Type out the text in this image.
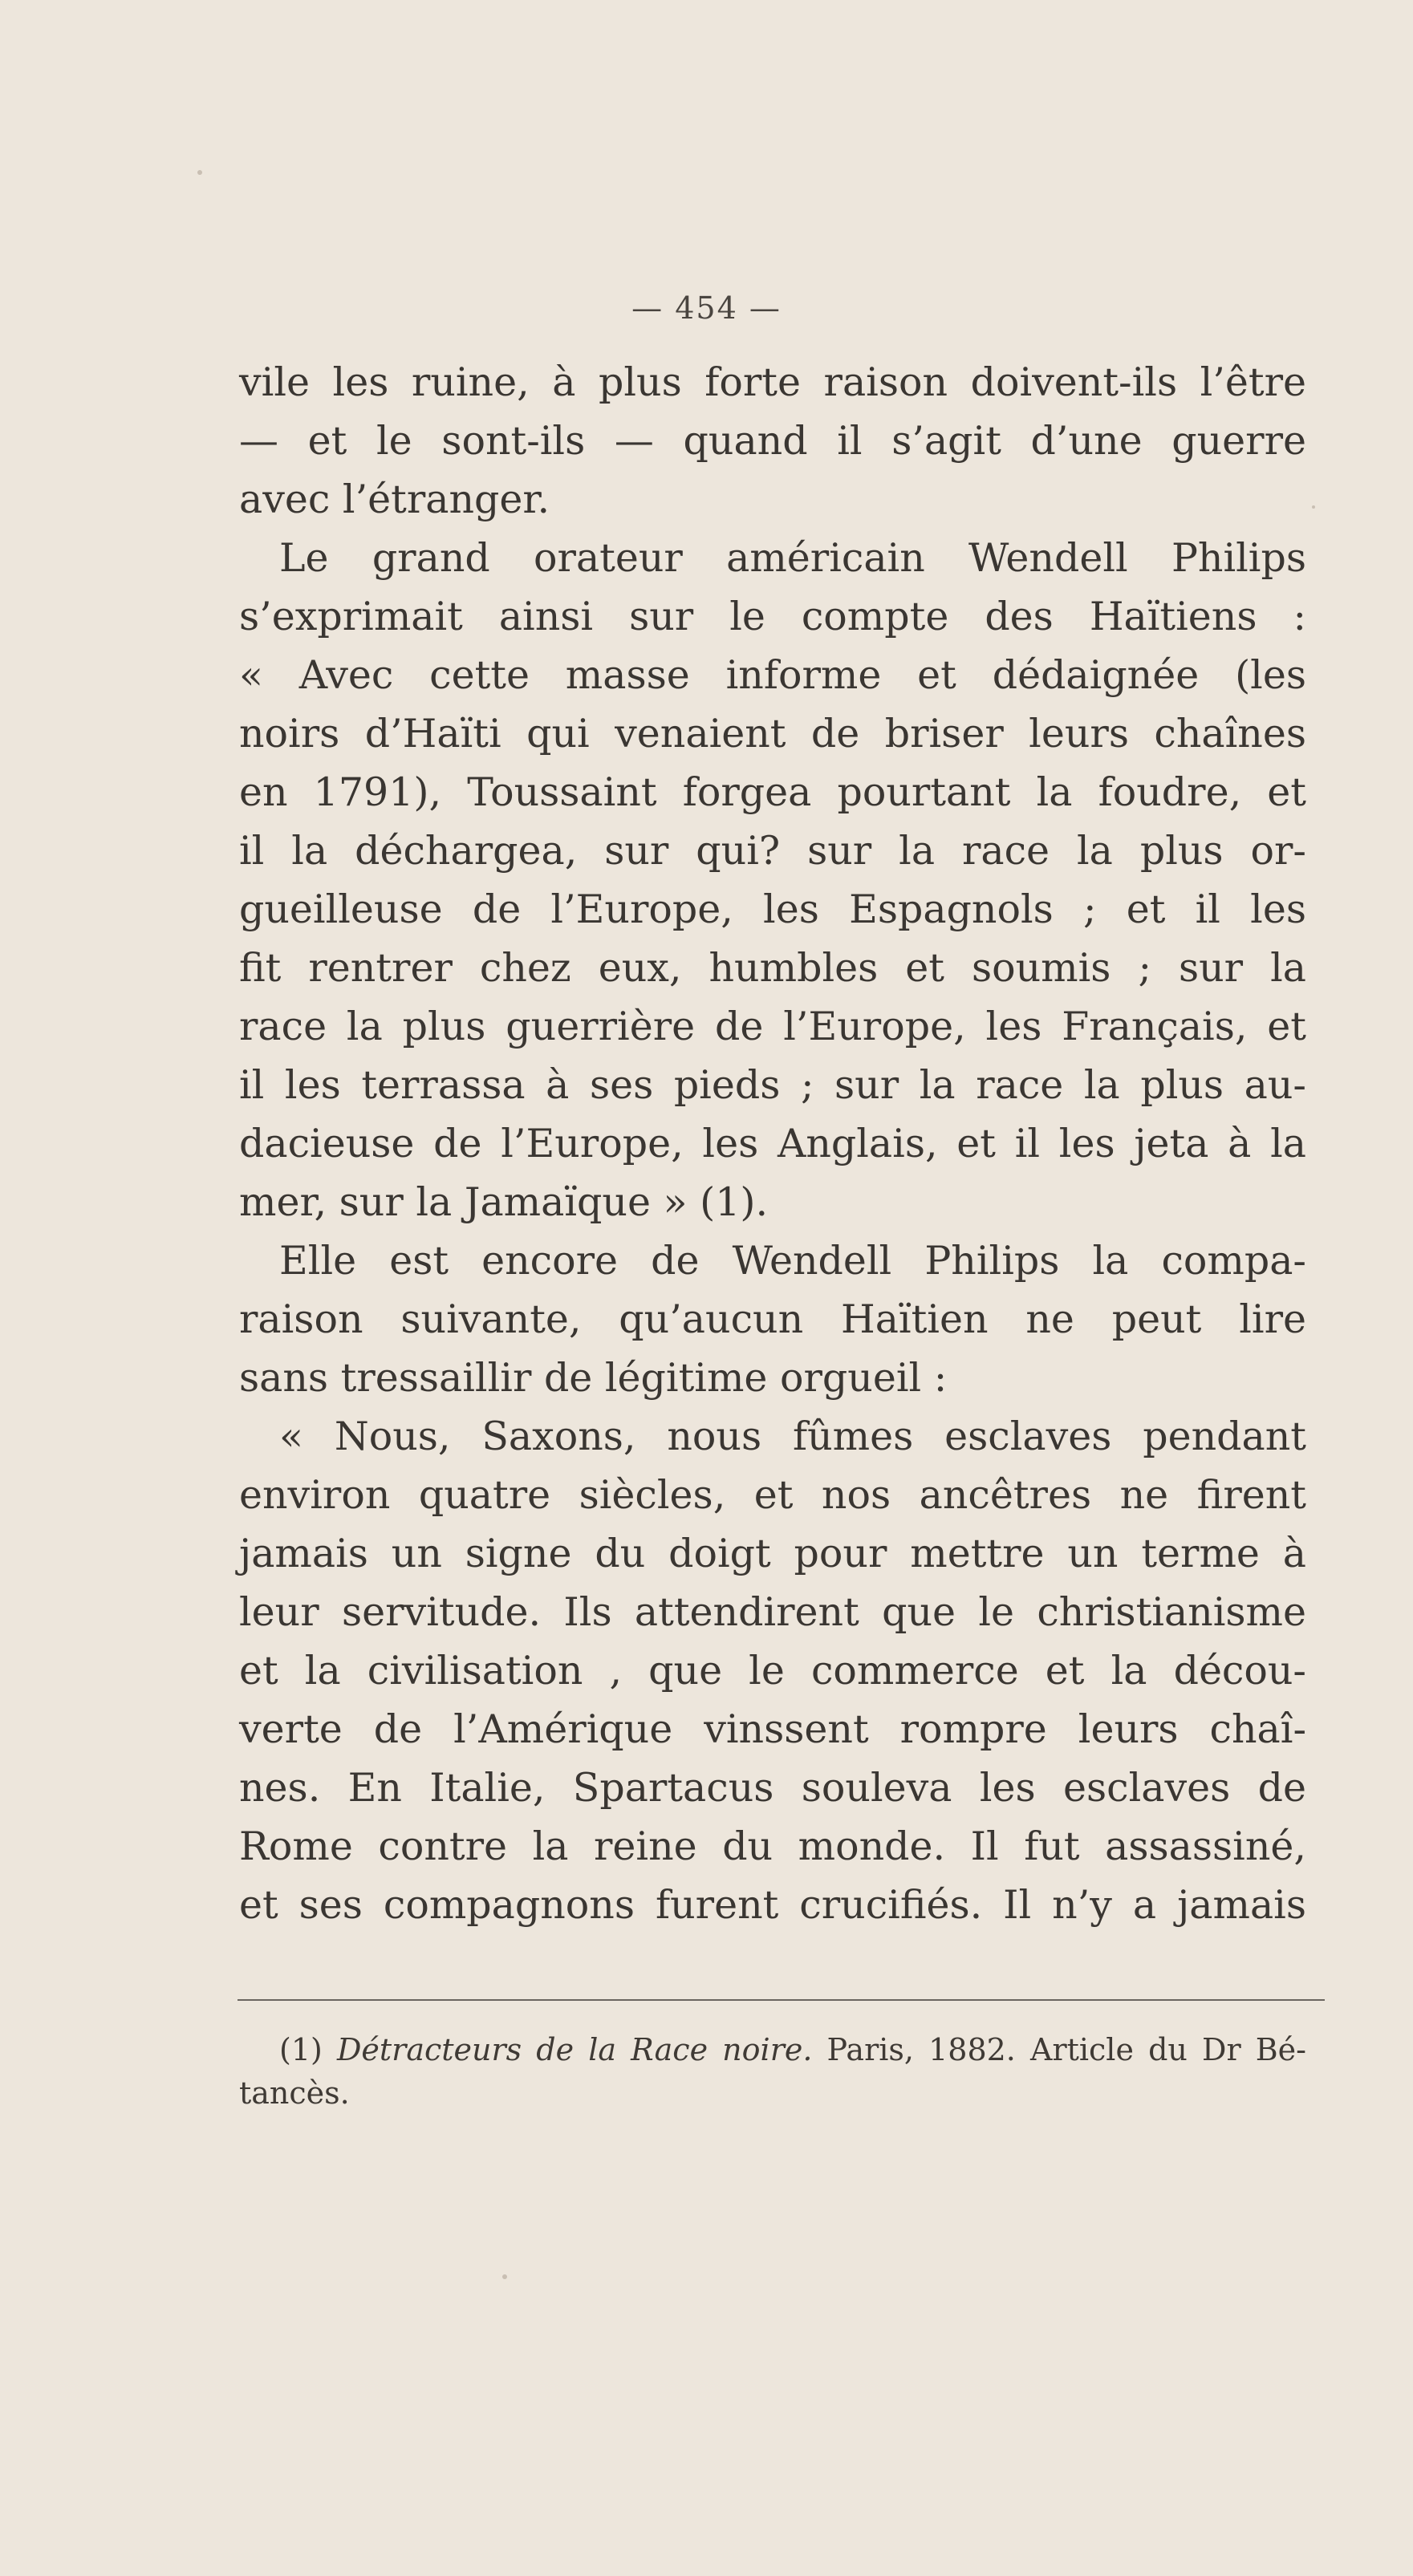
— 454 —
vile les ruine, à plus forte raison doivent-ils l’être
— et le sont-ils — quand il s’agit d’une guerre
avec l’étranger.
Le grand orateur américain Wendell Philips
s’exprimait ainsi sur le compte des Haïtiens :
« Avec cette masse informe et dédaignée (les
noirs d’Haïti qui venaient de briser leurs chaînes
en 1791), Toussaint forgea pourtant la foudre, et
il la déchargea, sur qui? sur la race la plus or-
gueilleuse de l’Europe, les Espagnols ; et il les
fit rentrer chez eux, humbles et soumis ; sur la
race la plus guerrière de l’Europe, les Français, et
il les terrassa à ses pieds ; sur la race la plus au-
dacieuse de l’Europe, les Anglais, et il les jeta à la
mer, sur la Jamaïque » (1).
Elle est encore de Wendell Philips la compa-
raison suivante, qu’aucun Haïtien ne peut lire
sans tressaillir de légitime orgueil :
« Nous, Saxons, nous fûmes esclaves pendant
environ quatre siècles, et nos ancêtres ne firent
jamais un signe du doigt pour mettre un terme à
leur servitude. Ils attendirent que le christianisme
et la civilisation , que le commerce et la décou-
verte de l’Amérique vinssent rompre leurs chaî-
nes. En Italie, Spartacus souleva les esclaves de
Rome contre la reine du monde. Il fut assassiné,
et ses compagnons furent crucifiés. Il n’y a jamais
(1) Détracteurs de la Race noire. Paris, 1882. Article du Dr Bé-
tancès.
